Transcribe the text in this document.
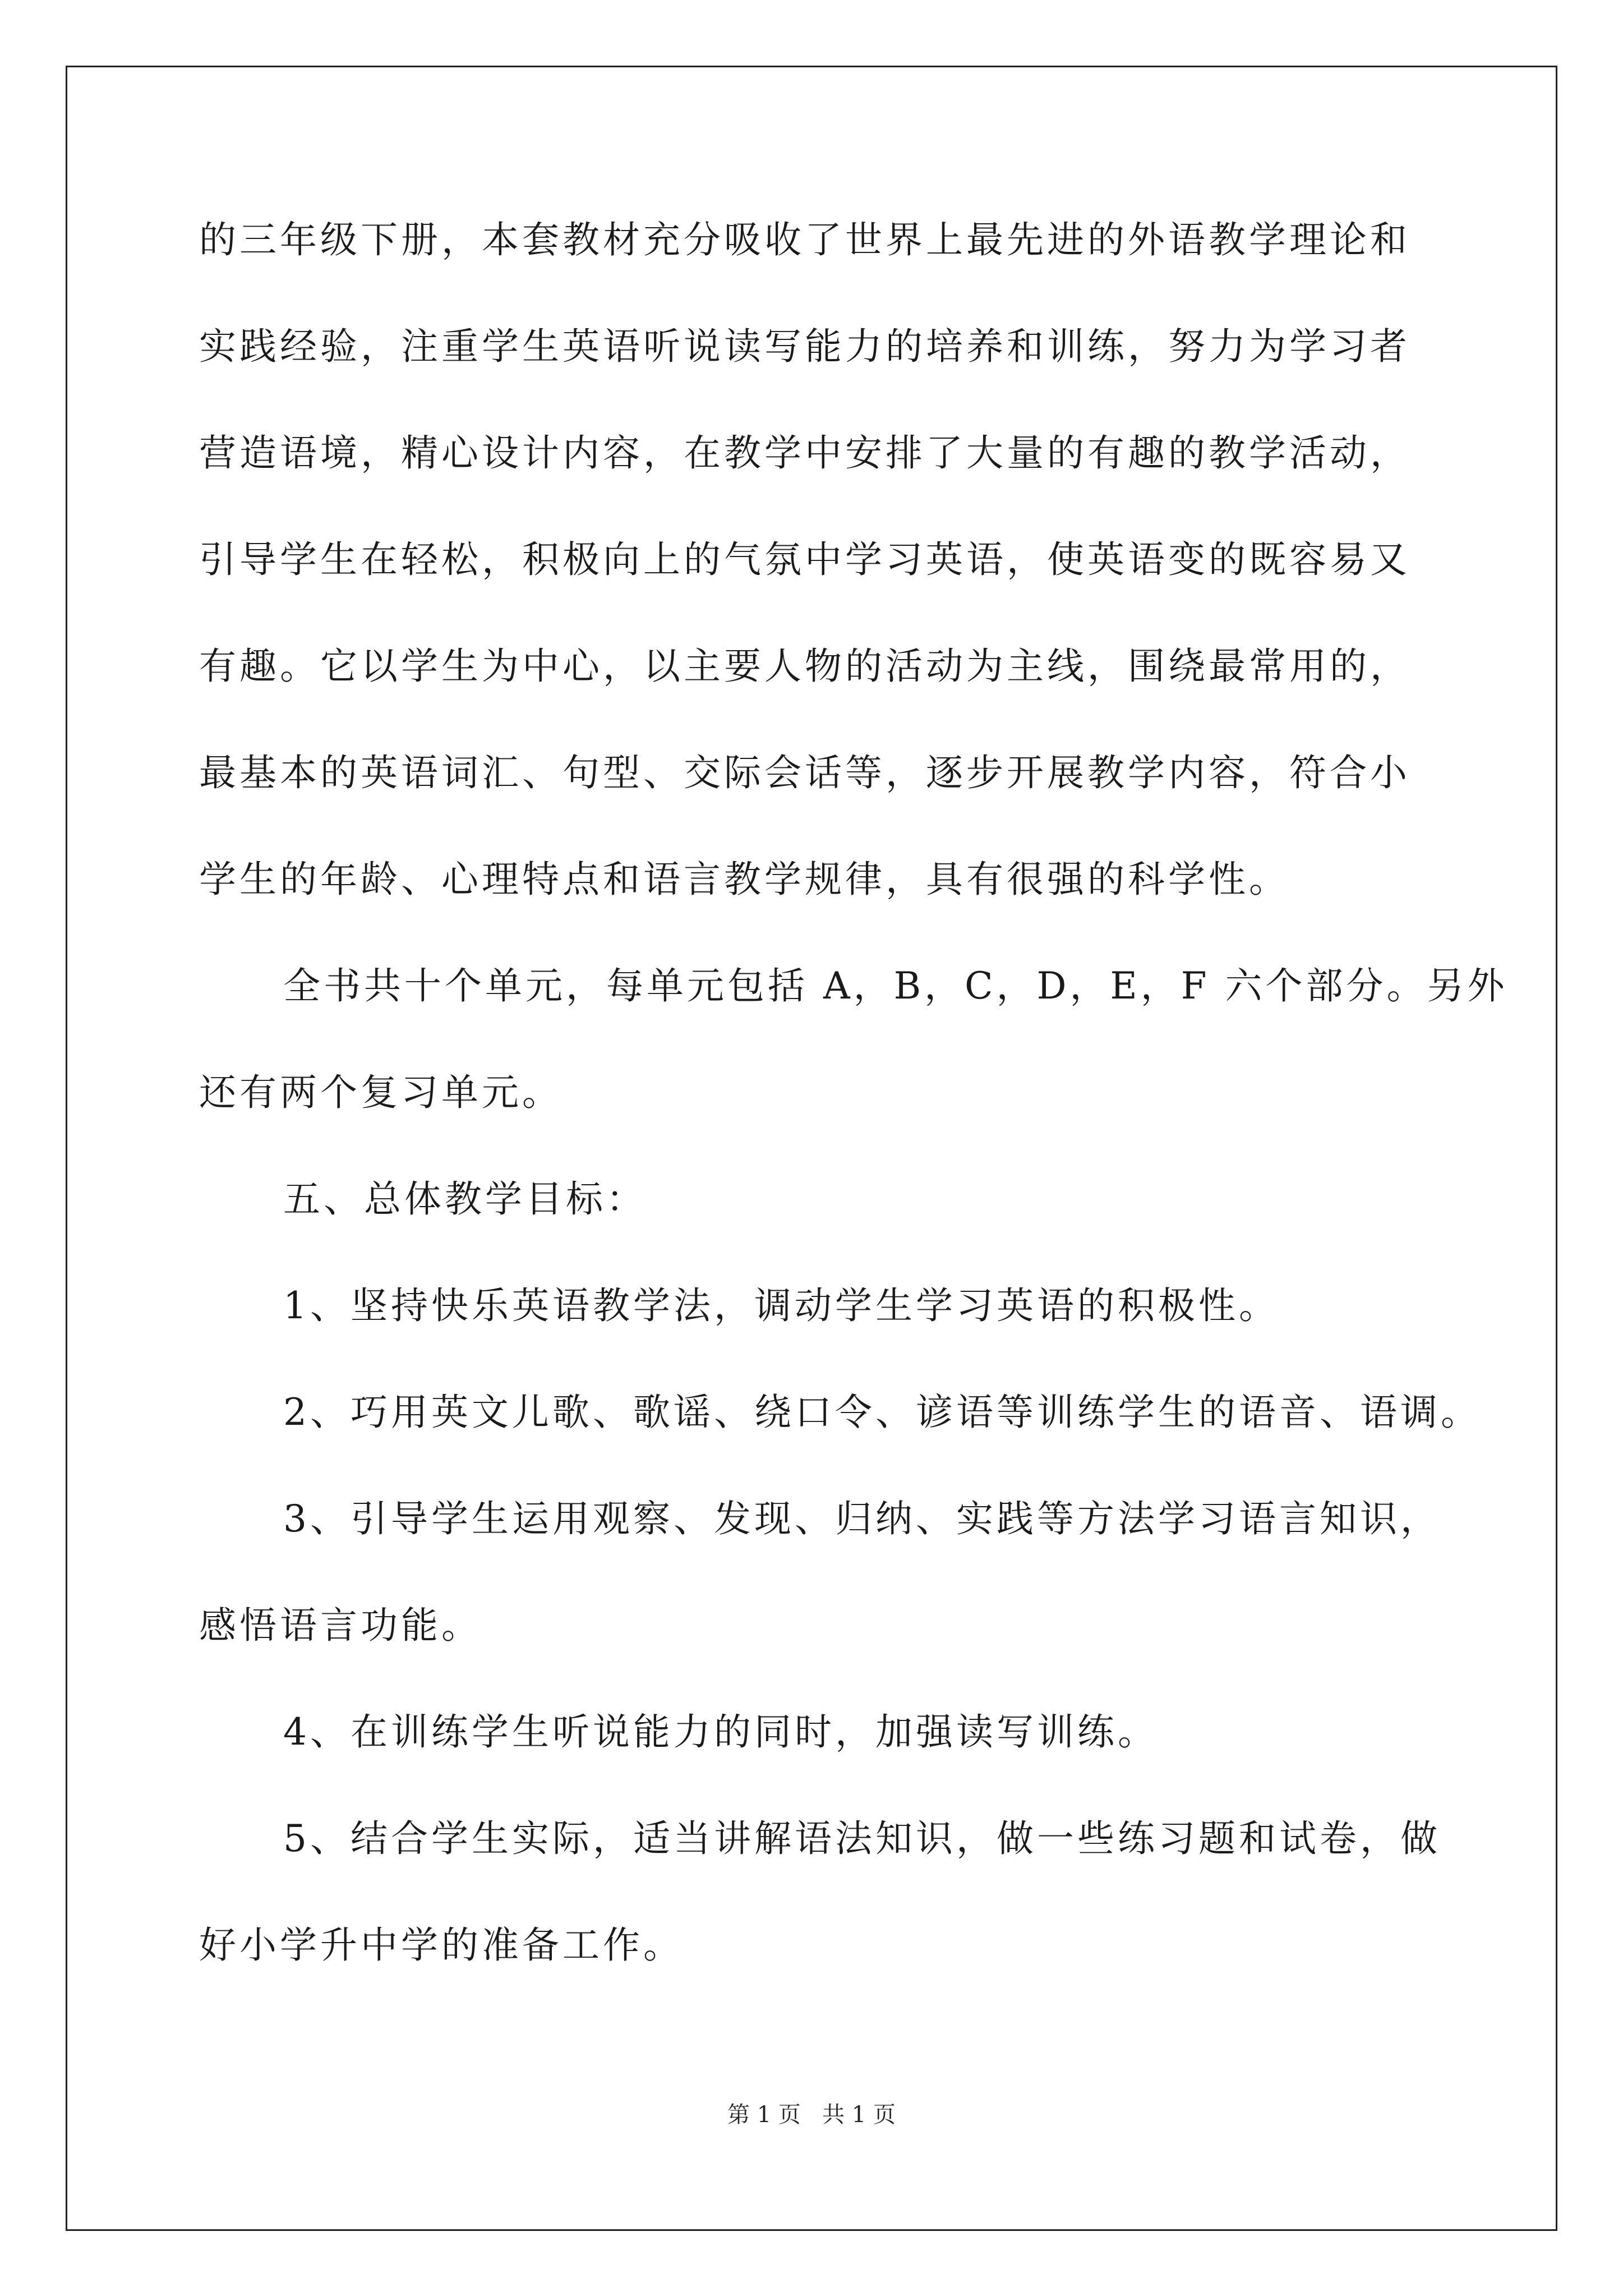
的三年级下册，本套教材充分吸收了世界上最先进的外语教学理论和
实践经验，注重学生英语听说读写能力的培养和训练，努力为学习者
营造语境，精心设计内容，在教学中安排了大量的有趣的教学活动，
引导学生在轻松，积极向上的气氛中学习英语，使英语变的既容易又
有趣。它以学生为中心，以主要人物的活动为主线，围绕最常用的，
最基本的英语词汇、句型、交际会话等，逐步开展教学内容，符合小
学生的年龄、心理特点和语言教学规律，具有很强的科学性。
全书共十个单元，每单元包括 A，B，C，D，E，F 六个部分。另外
还有两个复习单元。
五、总体教学目标：
1、坚持快乐英语教学法，调动学生学习英语的积极性。
2、巧用英文儿歌、歌谣、绕口令、谚语等训练学生的语音、语调。
3、引导学生运用观察、发现、归纳、实践等方法学习语言知识，
感悟语言功能。
4、在训练学生听说能力的同时，加强读写训练。
5、结合学生实际，适当讲解语法知识，做一些练习题和试卷，做
好小学升中学的准备工作。
第 1 页 共 1 页
